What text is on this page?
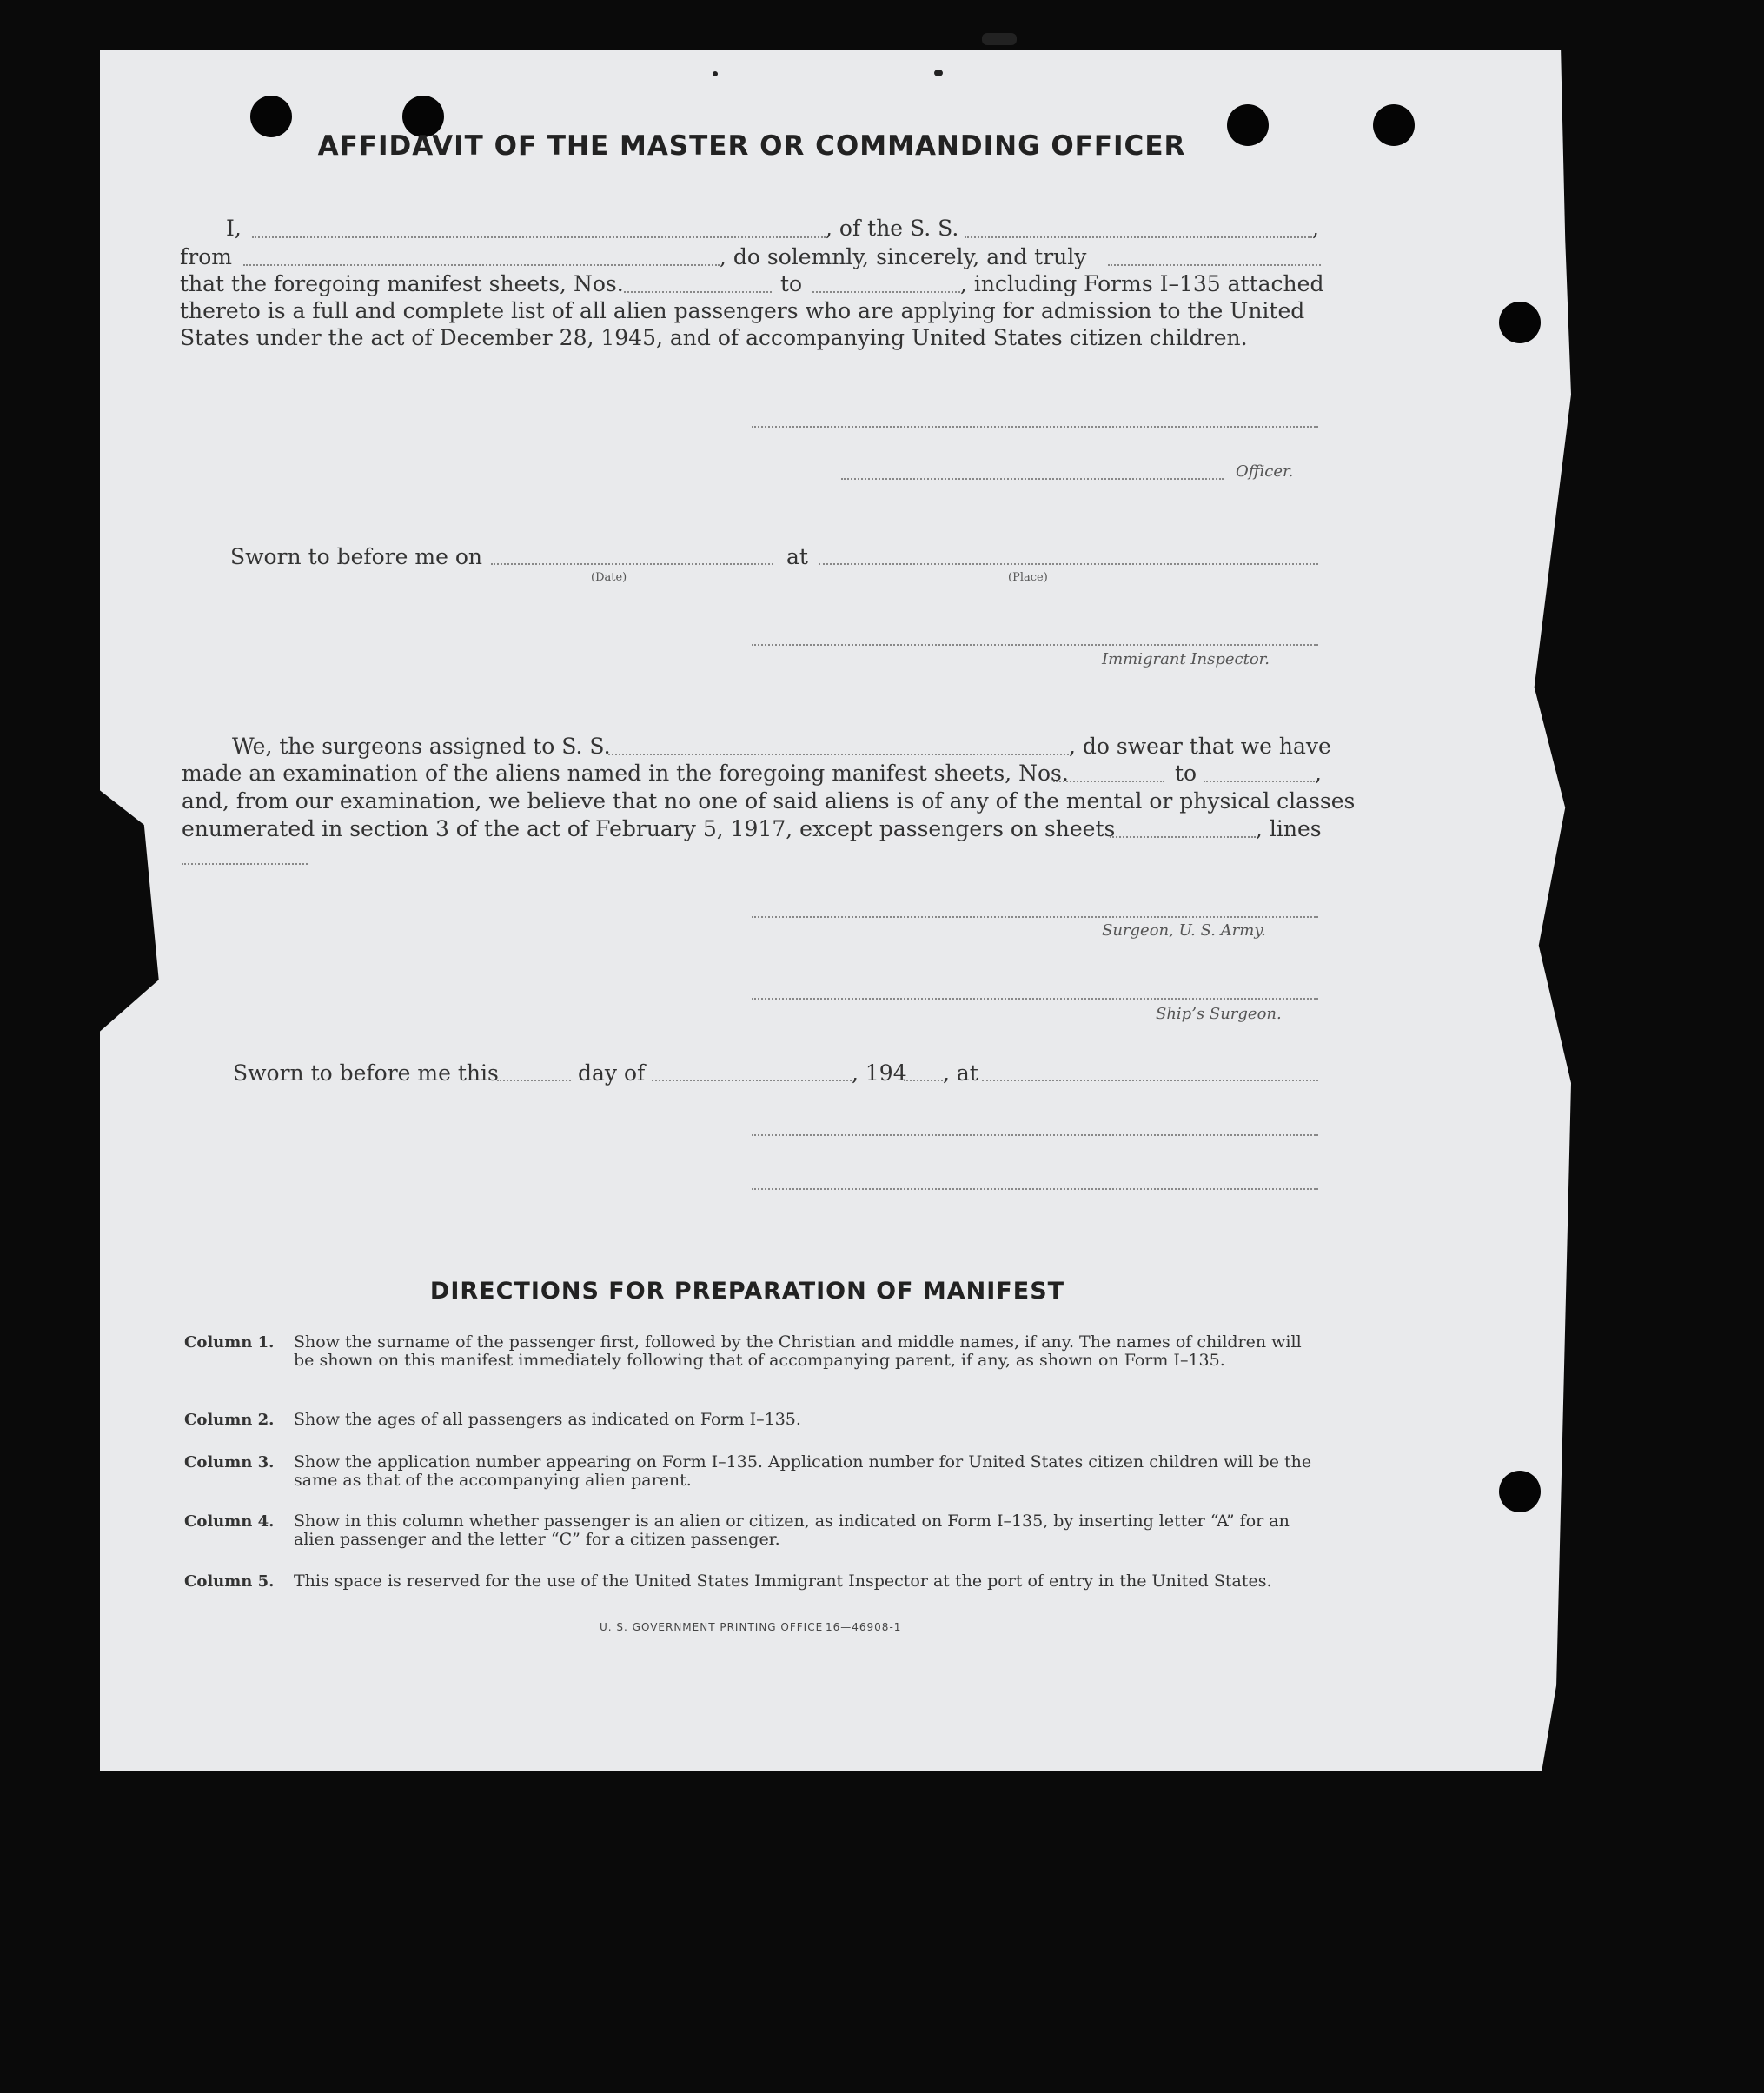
AFFIDAVIT OF THE MASTER OR COMMANDING OFFICER
I,	, of the S. S.	,
from	, do solemnly, sincerely, and truly
that the foregoing manifest sheets, Nos.	to	, including Forms I–135 attached
thereto is a full and complete list of all alien passengers who are applying for admission to the United
States under the act of December 28, 1945, and of accompanying United States citizen children.
Officer.
Sworn to before me on	at
(Date)	(Place)
Immigrant Inspector.
We, the surgeons assigned to S. S.	, do swear that we have
made an examination of the aliens named in the foregoing manifest sheets, Nos.	to	,
and, from our examination, we believe that no one of said aliens is of any of the mental or physical classes
enumerated in section 3 of the act of February 5, 1917, except passengers on sheets	, lines
Surgeon, U. S. Army.
Ship’s Surgeon.
Sworn to before me this	day of	, 194 , at
DIRECTIONS FOR PREPARATION OF MANIFEST
Column 1. Show the surname of the passenger first, followed by the Christian and middle names, if any. The names of children will be shown on this manifest immediately following that of accompanying parent, if any, as shown on Form I–135.
Column 2. Show the ages of all passengers as indicated on Form I–135.
Column 3. Show the application number appearing on Form I–135. Application number for United States citizen children will be the same as that of the accompanying alien parent.
Column 4. Show in this column whether passenger is an alien or citizen, as indicated on Form I–135, by inserting letter “A” for an alien passenger and the letter “C” for a citizen passenger.
Column 5. This space is reserved for the use of the United States Immigrant Inspector at the port of entry in the United States.
U. S. GOVERNMENT PRINTING OFFICE 16—46908-1
